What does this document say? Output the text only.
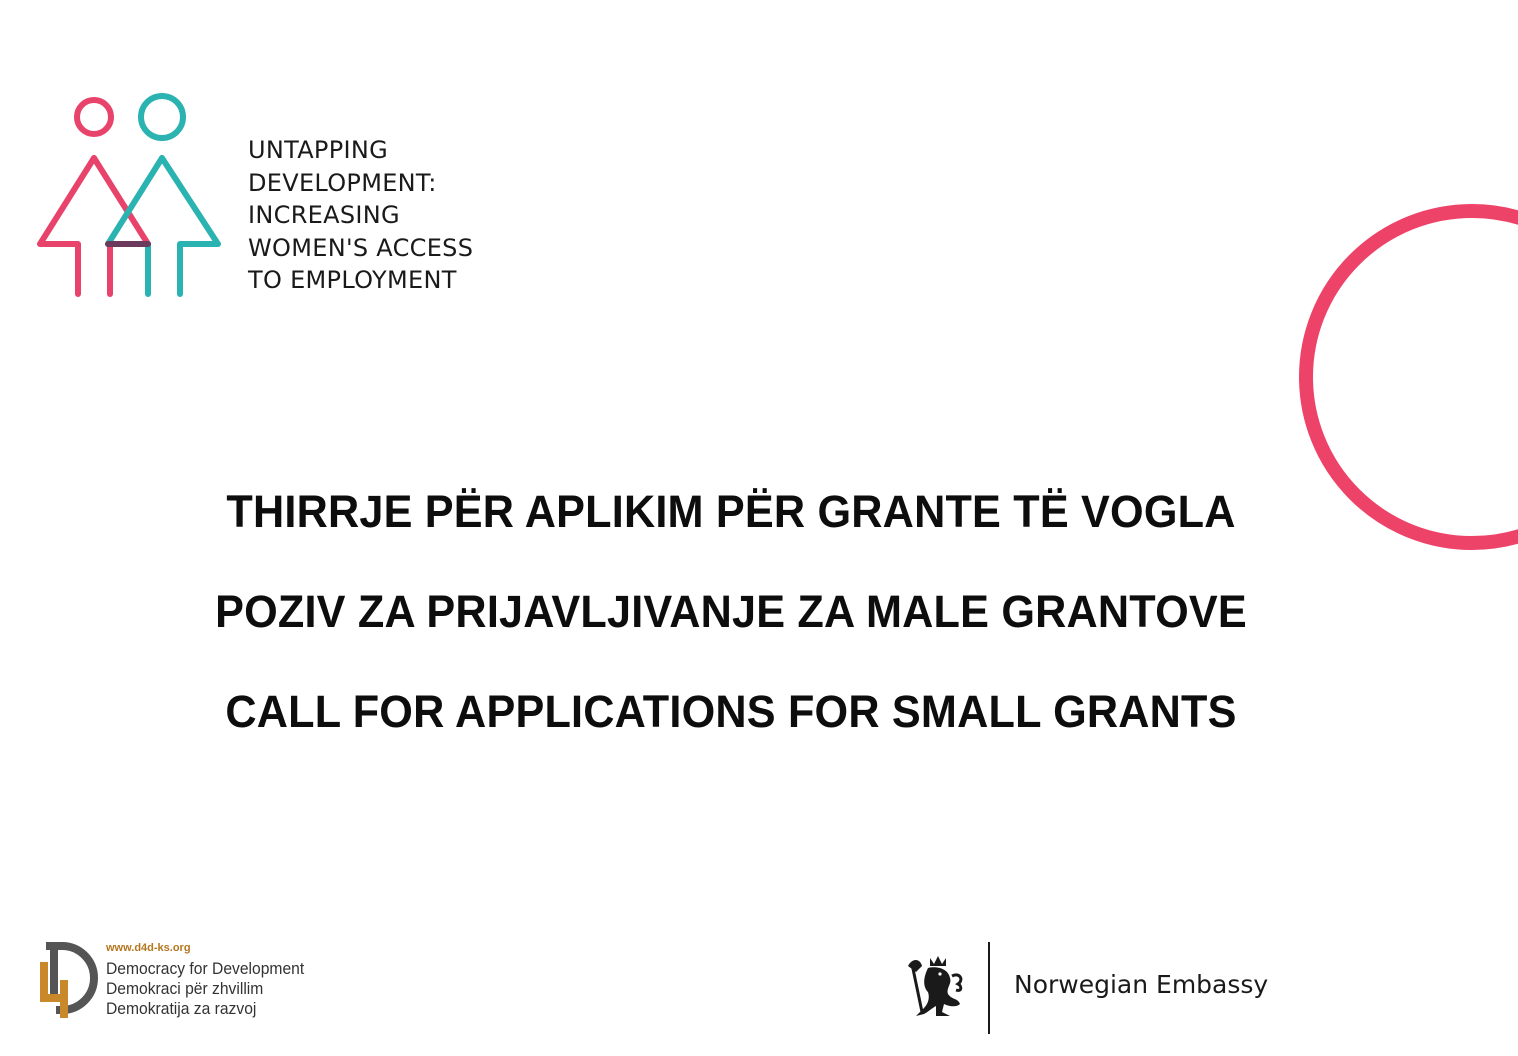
UNTAPPING
DEVELOPMENT:
INCREASING
WOMEN'S ACCESS
TO EMPLOYMENT
THIRRJE PËR APLIKIM PËR GRANTE TË VOGLA
POZIV ZA PRIJAVLJIVANJE ZA MALE GRANTOVE
CALL FOR APPLICATIONS FOR SMALL GRANTS
www.d4d-ks.org
Democracy for Development
Demokraci për zhvillim
Demokratija za razvoj
Norwegian Embassy
